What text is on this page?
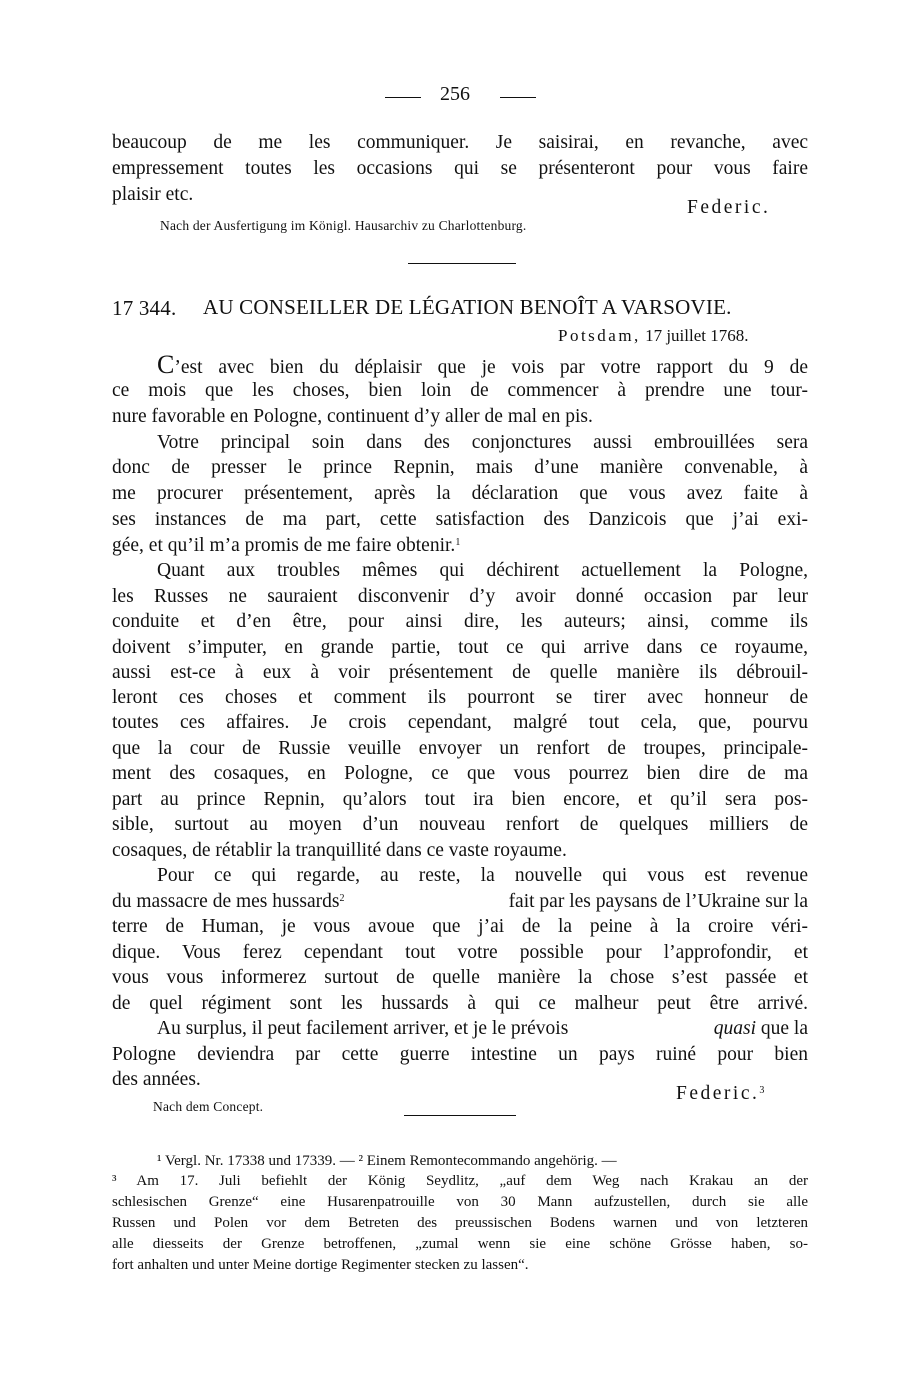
256
beaucoup de me les communiquer. Je saisirai, en revanche, avec
empressement toutes les occasions qui se présenteront pour vous faire
plaisir etc.
Federic.
Nach der Ausfertigung im Königl. Hausarchiv zu Charlottenburg.
17 344. AU CONSEILLER DE LÉGATION BENOÎT A VARSOVIE.
Potsdam, 17 juillet 1768.
C’est avec bien du déplaisir que je vois par votre rapport du 9 de
ce mois que les choses, bien loin de commencer à prendre une tour-
nure favorable en Pologne, continuent d’y aller de mal en pis.
Votre principal soin dans des conjonctures aussi embrouillées sera
donc de presser le prince Repnin, mais d’une manière convenable, à
me procurer présentement, après la déclaration que vous avez faite à
ses instances de ma part, cette satisfaction des Danzicois que j’ai exi-
gée, et qu’il m’a promis de me faire obtenir.$^1$
Quant aux troubles mêmes qui déchirent actuellement la Pologne,
les Russes ne sauraient disconvenir d’y avoir donné occasion par leur
conduite et d’en être, pour ainsi dire, les auteurs; ainsi, comme ils
doivent s’imputer, en grande partie, tout ce qui arrive dans ce royaume,
aussi est-ce à eux à voir présentement de quelle manière ils débrouil-
leront ces choses et comment ils pourront se tirer avec honneur de
toutes ces affaires. Je crois cependant, malgré tout cela, que, pourvu
que la cour de Russie veuille envoyer un renfort de troupes, principale-
ment des cosaques, en Pologne, ce que vous pourrez bien dire de ma
part au prince Repnin, qu’alors tout ira bien encore, et qu’il sera pos-
sible, surtout au moyen d’un nouveau renfort de quelques milliers de
cosaques, de rétablir la tranquillité dans ce vaste royaume.
Pour ce qui regarde, au reste, la nouvelle qui vous est revenue
du massacre de mes hussards$^2$	fait par les paysans de l’Ukraine sur la
terre de Human, je vous avoue que j’ai de la peine à la croire véri-
dique. Vous ferez cependant tout votre possible pour l’approfondir, et
vous vous informerez surtout de quelle manière la chose s’est passée et
de quel régiment sont les hussards à qui ce malheur peut être arrivé.
Au surplus, il peut facilement arriver, et je le prévois	quasi que la
Pologne deviendra par cette guerre intestine un pays ruiné pour bien
des années.
Federic.$^3$
Nach dem Concept.
¹ Vergl. Nr. 17338 und 17339. — ² Einem Remontecommando angehörig. —
³ Am 17. Juli befiehlt der König Seydlitz, „auf dem Weg nach Krakau an der
schlesischen Grenze“ eine Husarenpatrouille von 30 Mann aufzustellen, durch sie alle
Russen und Polen vor dem Betreten des preussischen Bodens warnen und von letzteren
alle diesseits der Grenze betroffenen, „zumal wenn sie eine schöne Grösse haben, so-
fort anhalten und unter Meine dortige Regimenter stecken zu lassen“.
